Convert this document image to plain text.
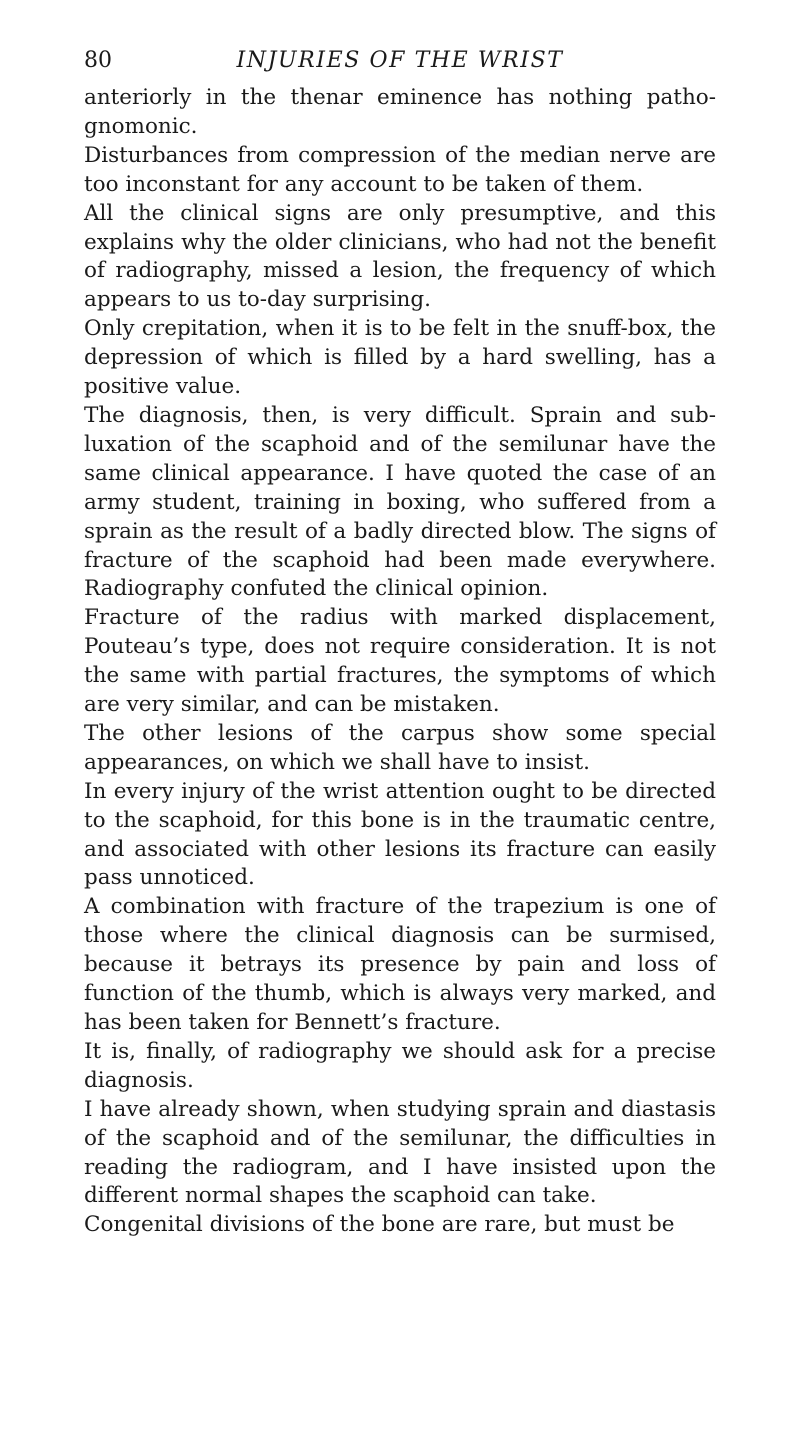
80	INJURIES OF THE WRIST

anteriorly in the thenar eminence has nothing patho-gnomonic.

Disturbances from compression of the median nerve are too inconstant for any account to be taken of them.

All the clinical signs are only presumptive, and this explains why the older clinicians, who had not the benefit of radiography, missed a lesion, the frequency of which appears to us to-day surprising.

Only crepitation, when it is to be felt in the snuff-box, the depression of which is filled by a hard swelling, has a positive value.

The diagnosis, then, is very difficult. Sprain and sub-luxation of the scaphoid and of the semilunar have the same clinical appearance. I have quoted the case of an army student, training in boxing, who suffered from a sprain as the result of a badly directed blow. The signs of fracture of the scaphoid had been made everywhere. Radiography confuted the clinical opinion.

Fracture of the radius with marked displacement, Pouteau’s type, does not require consideration. It is not the same with partial fractures, the symptoms of which are very similar, and can be mistaken.

The other lesions of the carpus show some special appearances, on which we shall have to insist.

In every injury of the wrist attention ought to be directed to the scaphoid, for this bone is in the traumatic centre, and associated with other lesions its fracture can easily pass unnoticed.

A combination with fracture of the trapezium is one of those where the clinical diagnosis can be surmised, because it betrays its presence by pain and loss of function of the thumb, which is always very marked, and has been taken for Bennett’s fracture.

It is, finally, of radiography we should ask for a precise diagnosis.

I have already shown, when studying sprain and diastasis of the scaphoid and of the semilunar, the difficulties in reading the radiogram, and I have insisted upon the different normal shapes the scaphoid can take.

Congenital divisions of the bone are rare, but must be
